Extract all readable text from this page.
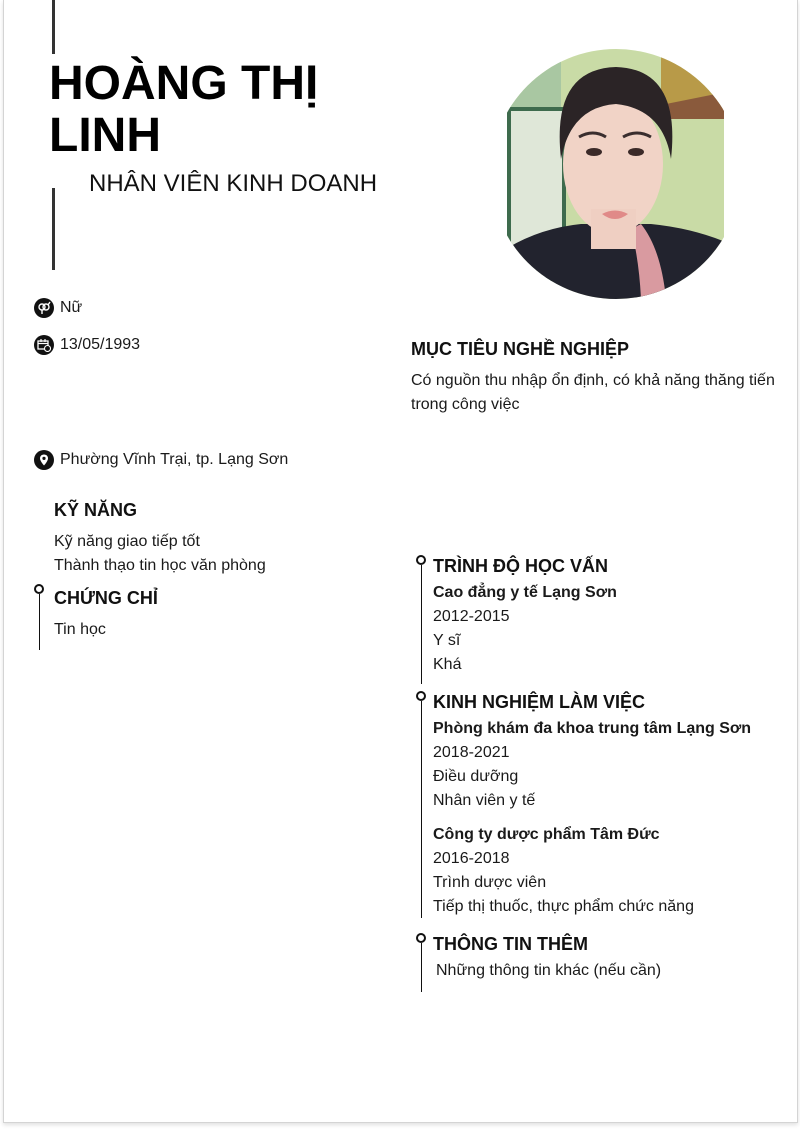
HOÀNG THỊ
LINH
NHÂN VIÊN KINH DOANH
Nữ
13/05/1993
Phường Vĩnh Trại, tp. Lạng Sơn
MỤC TIÊU NGHỀ NGHIỆP
Có nguồn thu nhập ổn định, có khả năng thăng tiến
trong công việc
KỸ NĂNG
Kỹ năng giao tiếp tốt
Thành thạo tin học văn phòng
CHỨNG CHỈ
Tin học
TRÌNH ĐỘ HỌC VẤN
Cao đẳng y tế Lạng Sơn
2012-2015
Y sĩ
Khá
KINH NGHIỆM LÀM VIỆC
Phòng khám đa khoa trung tâm Lạng Sơn
2018-2021
Điều dưỡng
Nhân viên y tế
Công ty dược phẩm Tâm Đức
2016-2018
Trình dược viên
Tiếp thị thuốc, thực phẩm chức năng
THÔNG TIN THÊM
Những thông tin khác (nếu cần)
